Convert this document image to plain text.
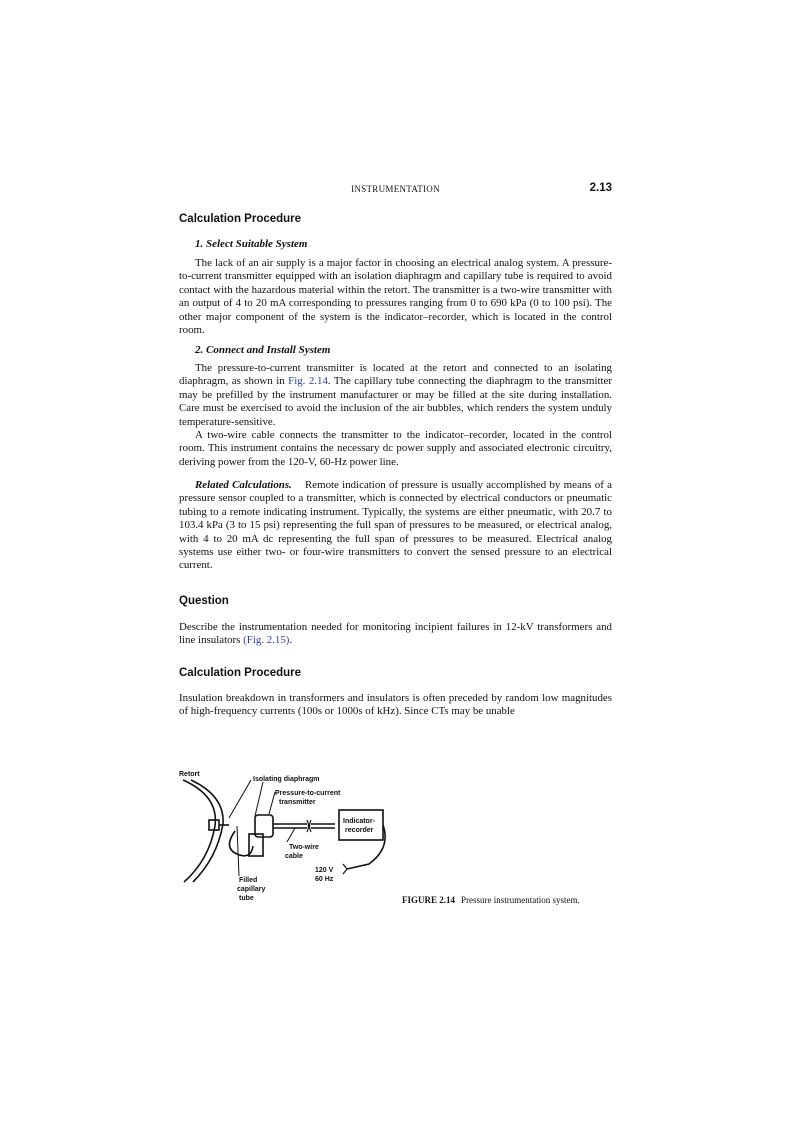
INSTRUMENTATION	2.13
Calculation Procedure

1. Select Suitable System

The lack of an air supply is a major factor in choosing an electrical analog system. A pressure-to-current transmitter equipped with an isolation diaphragm and capillary tube is required to avoid contact with the hazardous material within the retort. The transmitter is a two-wire transmitter with an output of 4 to 20 mA corresponding to pressures ranging from 0 to 690 kPa (0 to 100 psi). The other major component of the system is the indicator–recorder, which is located in the control room.

2. Connect and Install System

The pressure-to-current transmitter is located at the retort and connected to an isolating diaphragm, as shown in Fig. 2.14. The capillary tube connecting the diaphragm to the transmitter may be prefilled by the instrument manufacturer or may be filled at the site during installation. Care must be exercised to avoid the inclusion of the air bubbles, which renders the system unduly temperature-sensitive.

A two-wire cable connects the transmitter to the indicator–recorder, located in the control room. This instrument contains the necessary dc power supply and associated electronic circuitry, deriving power from the 120-V, 60-Hz power line.

Related Calculations. Remote indication of pressure is usually accomplished by means of a pressure sensor coupled to a transmitter, which is connected by electrical conductors or pneumatic tubing to a remote indicating instrument. Typically, the systems are either pneumatic, with 20.7 to 103.4 kPa (3 to 15 psi) representing the full span of pressures to be measured, or electrical analog, with 4 to 20 mA dc representing the full span of pressures to be measured. Electrical analog systems use either two- or four-wire transmitters to convert the sensed pressure to an electrical current.

Question

Describe the instrumentation needed for monitoring incipient failures in 12-kV transformers and line insulators (Fig. 2.15).

Calculation Procedure

Insulation breakdown in transformers and insulators is often preceded by random low magnitudes of high-frequency currents (100s or 1000s of kHz). Since CTs may be unable

Retort
Isolating diaphragm
Pressure-to-current
transmitter
Indicator-
recorder
Two-wire
cable
120 V
60 Hz
Filled
capillary
tube	FIGURE 2.14 Pressure instrumentation system.
